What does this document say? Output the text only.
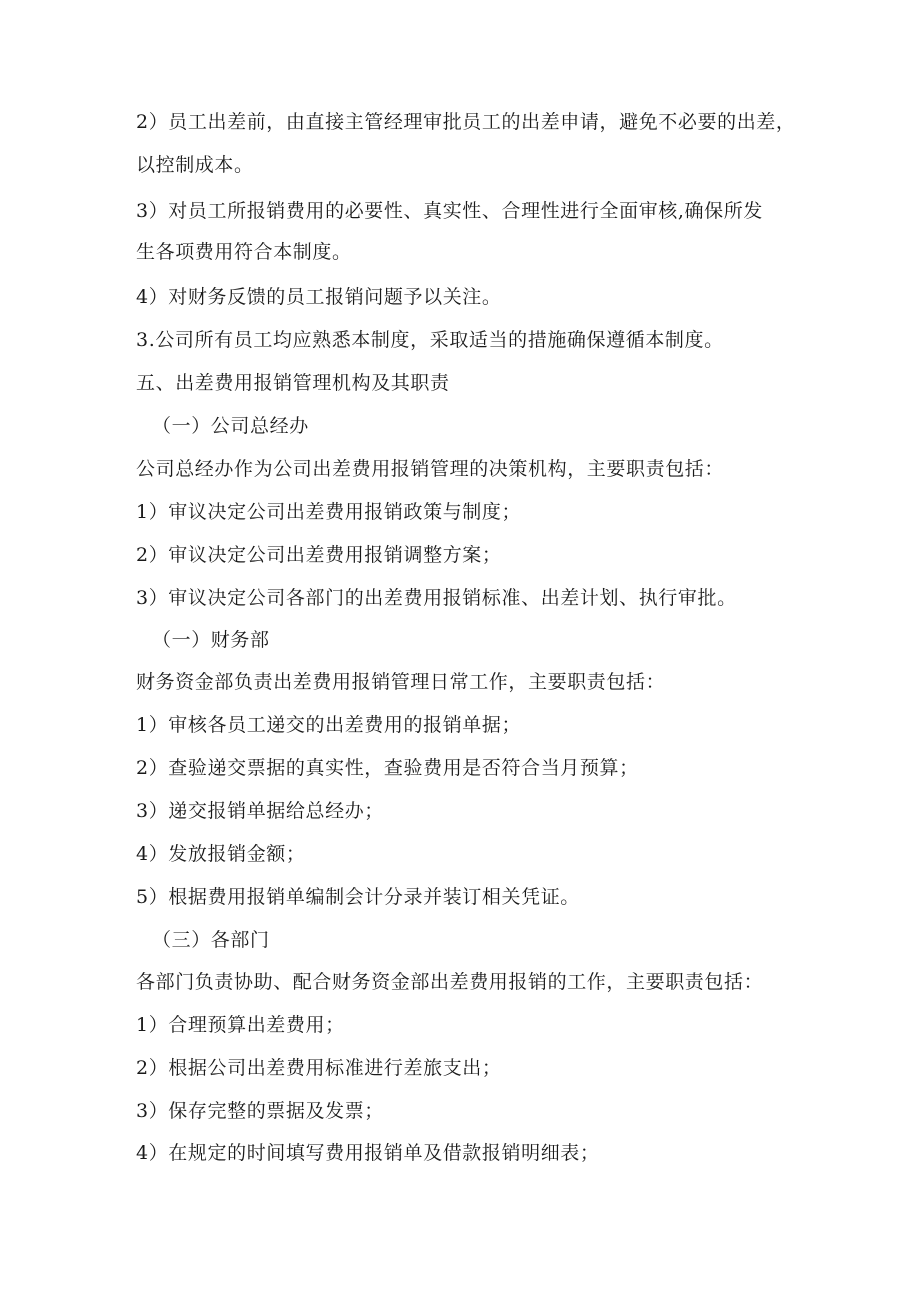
2）员工出差前，由直接主管经理审批员工的出差申请，避免不必要的出差，
以控制成本。
3）对员工所报销费用的必要性、真实性、合理性进行全面审核,确保所发
生各项费用符合本制度。
4）对财务反馈的员工报销问题予以关注。
3.公司所有员工均应熟悉本制度，采取适当的措施确保遵循本制度。
五、出差费用报销管理机构及其职责
（一）公司总经办
公司总经办作为公司出差费用报销管理的决策机构，主要职责包括：
1）审议决定公司出差费用报销政策与制度；
2）审议决定公司出差费用报销调整方案；
3）审议决定公司各部门的出差费用报销标准、出差计划、执行审批。
（一）财务部
财务资金部负责出差费用报销管理日常工作，主要职责包括：
1）审核各员工递交的出差费用的报销单据；
2）查验递交票据的真实性，查验费用是否符合当月预算；
3）递交报销单据给总经办；
4）发放报销金额；
5）根据费用报销单编制会计分录并装订相关凭证。
（三）各部门
各部门负责协助、配合财务资金部出差费用报销的工作，主要职责包括：
1）合理预算出差费用；
2）根据公司出差费用标准进行差旅支出；
3）保存完整的票据及发票；
4）在规定的时间填写费用报销单及借款报销明细表；
